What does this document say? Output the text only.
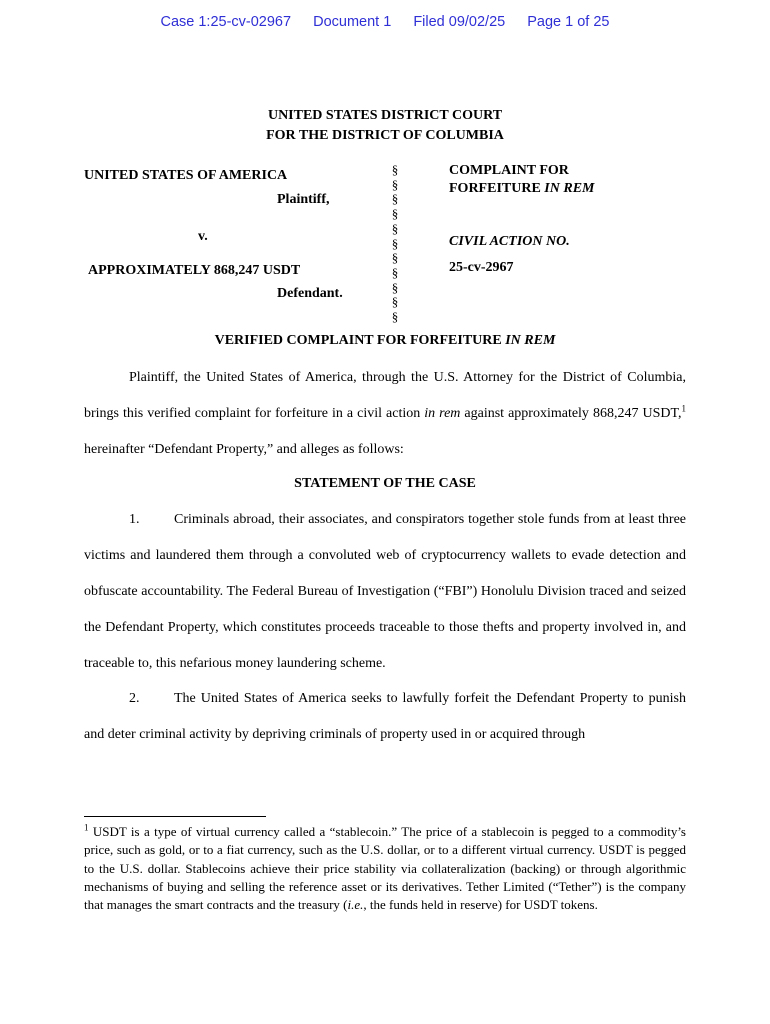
Case 1:25-cv-02967 Document 1 Filed 09/02/25 Page 1 of 25
UNITED STATES DISTRICT COURT
FOR THE DISTRICT OF COLUMBIA
UNITED STATES OF AMERICA
Plaintiff,
v.
APPROXIMATELY 868,247 USDT
Defendant.
§
§
§
§
§
§
§
§
§
§
§
COMPLAINT FOR
FORFEITURE IN REM
CIVIL ACTION NO.
25-cv-2967
VERIFIED COMPLAINT FOR FORFEITURE IN REM
Plaintiff, the United States of America, through the U.S. Attorney for the District of Columbia, brings this verified complaint for forfeiture in a civil action in rem against approximately 868,247 USDT,$^1$ hereinafter “Defendant Property,” and alleges as follows:
STATEMENT OF THE CASE

1. Criminals abroad, their associates, and conspirators together stole funds from at least three victims and laundered them through a convoluted web of cryptocurrency wallets to evade detection and obfuscate accountability. The Federal Bureau of Investigation (“FBI”) Honolulu Division traced and seized the Defendant Property, which constitutes proceeds traceable to those thefts and property involved in, and traceable to, this nefarious money laundering scheme.

2. The United States of America seeks to lawfully forfeit the Defendant Property to punish and deter criminal activity by depriving criminals of property used in or acquired through

$^1$ USDT is a type of virtual currency called a “stablecoin.” The price of a stablecoin is pegged to a commodity’s price, such as gold, or to a fiat currency, such as the U.S. dollar, or to a different virtual currency. USDT is pegged to the U.S. dollar. Stablecoins achieve their price stability via collateralization (backing) or through algorithmic mechanisms of buying and selling the reference asset or its derivatives. Tether Limited (“Tether”) is the company that manages the smart contracts and the treasury (i.e., the funds held in reserve) for USDT tokens.
